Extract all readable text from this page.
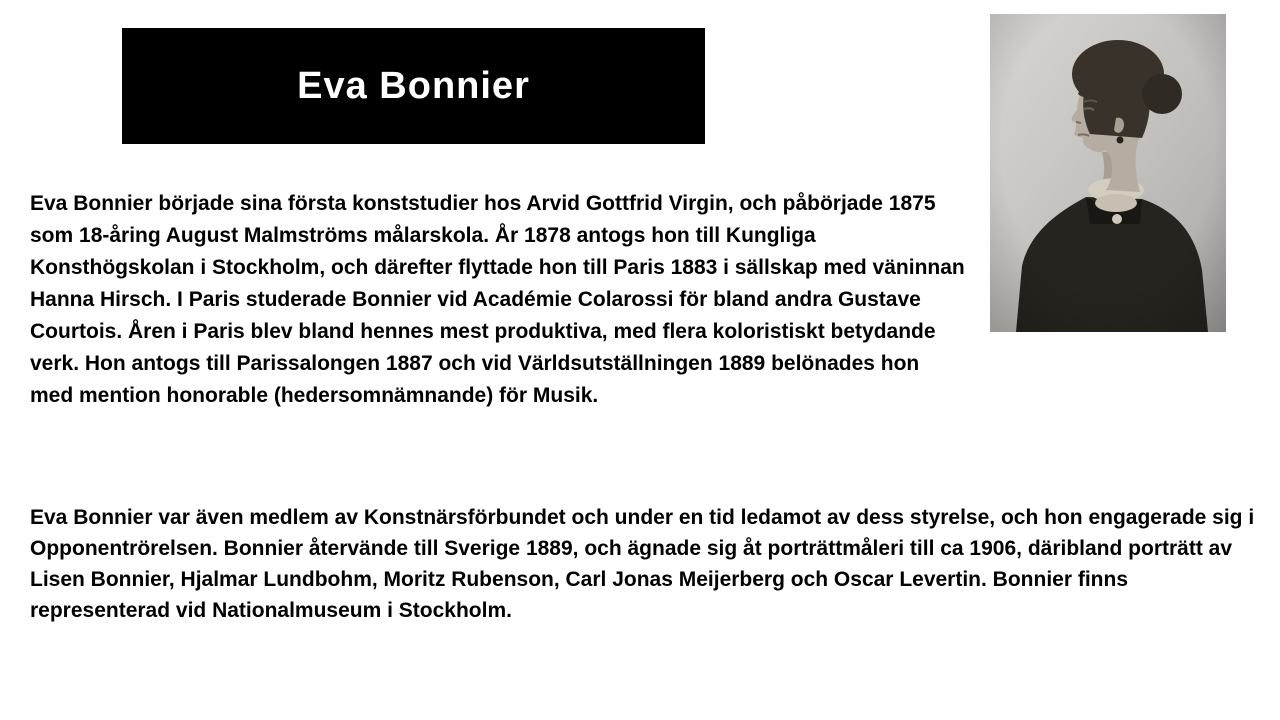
Eva Bonnier

Eva Bonnier började sina första konststudier hos Arvid Gottfrid Virgin, och påbörjade 1875 som 18-åring August Malmströms målarskola. År 1878 antogs hon till Kungliga Konsthögskolan i Stockholm, och därefter flyttade hon till Paris 1883 i sällskap med väninnan Hanna Hirsch. I Paris studerade Bonnier vid Académie Colarossi för bland andra Gustave Courtois. Åren i Paris blev bland hennes mest produktiva, med flera koloristiskt betydande verk. Hon antogs till Parissalongen 1887 och vid Världsutställningen 1889 belönades hon med mention honorable (hedersomnämnande) för Musik.

Eva Bonnier var även medlem av Konstnärsförbundet och under en tid ledamot av dess styrelse, och hon engagerade sig i Opponentrörelsen. Bonnier återvände till Sverige 1889, och ägnade sig åt porträttmåleri till ca 1906, däribland porträtt av Lisen Bonnier, Hjalmar Lundbohm, Moritz Rubenson, Carl Jonas Meijerberg och Oscar Levertin. Bonnier finns representerad vid Nationalmuseum i Stockholm.
